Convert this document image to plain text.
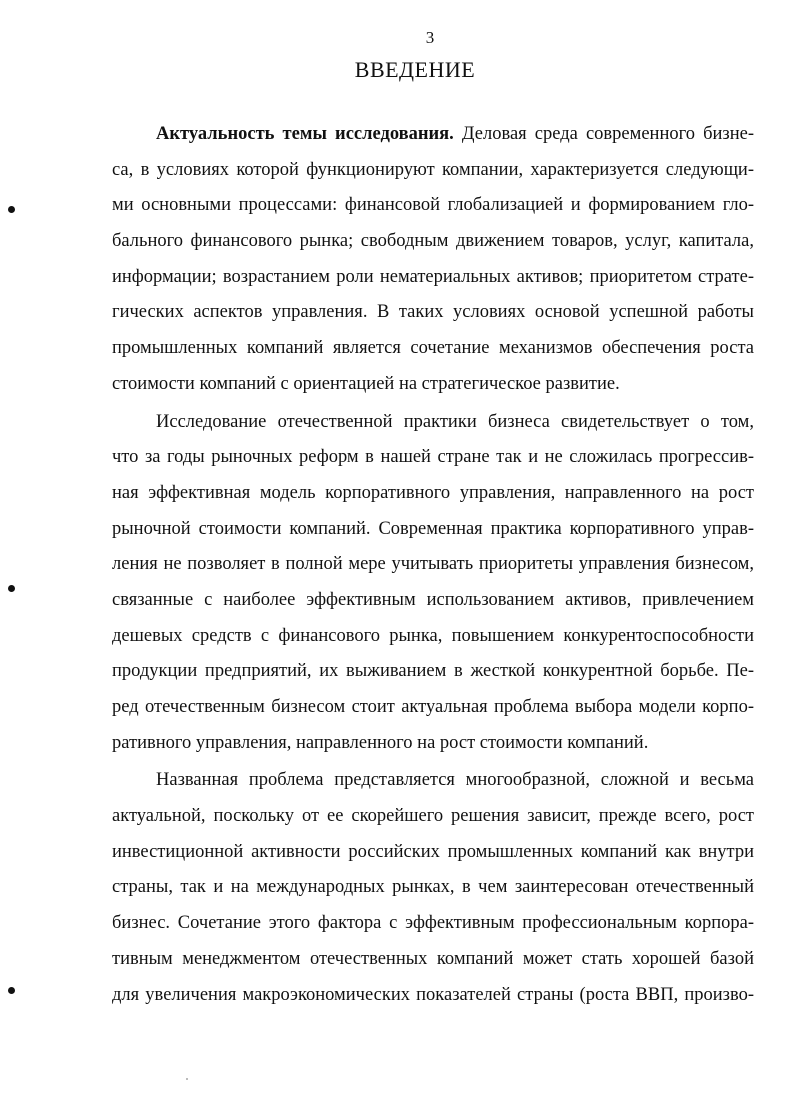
3
ВВЕДЕНИЕ
Актуальность темы исследования. Деловая среда современного бизне-
са, в условиях которой функционируют компании, характеризуется следующи-
ми основными процессами: финансовой глобализацией и формированием гло-
бального финансового рынка; свободным движением товаров, услуг, капитала,
информации; возрастанием роли нематериальных активов; приоритетом страте-
гических аспектов управления. В таких условиях основой успешной работы
промышленных компаний является сочетание механизмов обеспечения роста
стоимости компаний с ориентацией на стратегическое развитие.
Исследование отечественной практики бизнеса свидетельствует о том,
что за годы рыночных реформ в нашей стране так и не сложилась прогрессив-
ная эффективная модель корпоративного управления, направленного на рост
рыночной стоимости компаний. Современная практика корпоративного управ-
ления не позволяет в полной мере учитывать приоритеты управления бизнесом,
связанные с наиболее эффективным использованием активов, привлечением
дешевых средств с финансового рынка, повышением конкурентоспособности
продукции предприятий, их выживанием в жесткой конкурентной борьбе. Пе-
ред отечественным бизнесом стоит актуальная проблема выбора модели корпо-
ративного управления, направленного на рост стоимости компаний.
Названная проблема представляется многообразной, сложной и весьма
актуальной, поскольку от ее скорейшего решения зависит, прежде всего, рост
инвестиционной активности российских промышленных компаний как внутри
страны, так и на международных рынках, в чем заинтересован отечественный
бизнес. Сочетание этого фактора с эффективным профессиональным корпора-
тивным менеджментом отечественных компаний может стать хорошей базой
для увеличения макроэкономических показателей страны (роста ВВП, произво-
